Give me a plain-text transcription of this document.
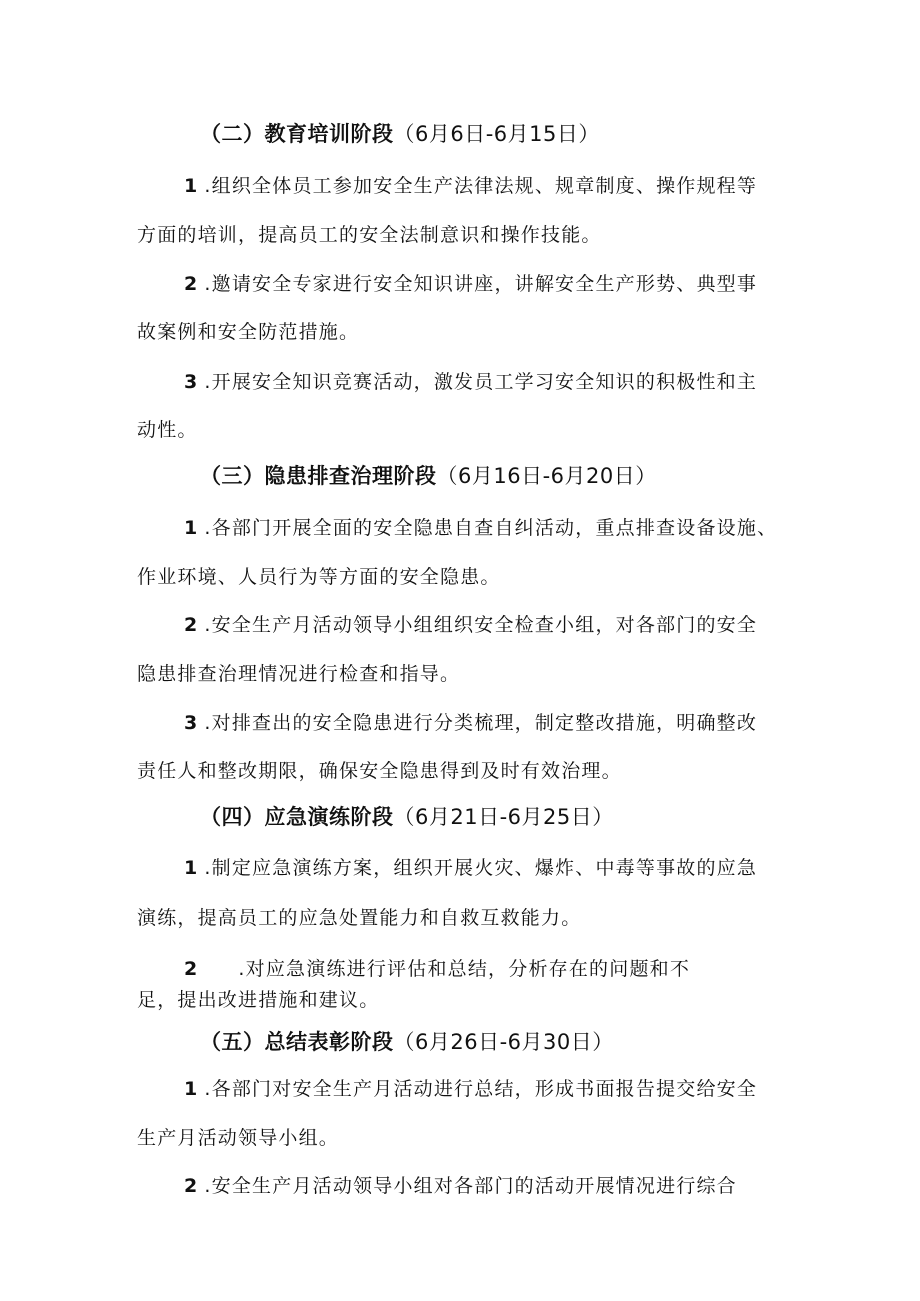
（二）教育培训阶段（6月6日-6月15日）
1 .组织全体员工参加安全生产法律法规、规章制度、操作规程等
方面的培训，提高员工的安全法制意识和操作技能。
2 .邀请安全专家进行安全知识讲座，讲解安全生产形势、典型事
故案例和安全防范措施。
3 .开展安全知识竞赛活动，激发员工学习安全知识的积极性和主
动性。
（三）隐患排查治理阶段（6月16日-6月20日）
1 .各部门开展全面的安全隐患自查自纠活动，重点排查设备设施、
作业环境、人员行为等方面的安全隐患。
2 .安全生产月活动领导小组组织安全检查小组，对各部门的安全
隐患排查治理情况进行检查和指导。
3 .对排查出的安全隐患进行分类梳理，制定整改措施，明确整改
责任人和整改期限，确保安全隐患得到及时有效治理。
（四）应急演练阶段（6月21日-6月25日）
1 .制定应急演练方案，组织开展火灾、爆炸、中毒等事故的应急
演练，提高员工的应急处置能力和自救互救能力。
2 .对应急演练进行评估和总结，分析存在的问题和不
足，提出改进措施和建议。
（五）总结表彰阶段（6月26日-6月30日）
1 .各部门对安全生产月活动进行总结，形成书面报告提交给安全
生产月活动领导小组。
2 .安全生产月活动领导小组对各部门的活动开展情况进行综合
